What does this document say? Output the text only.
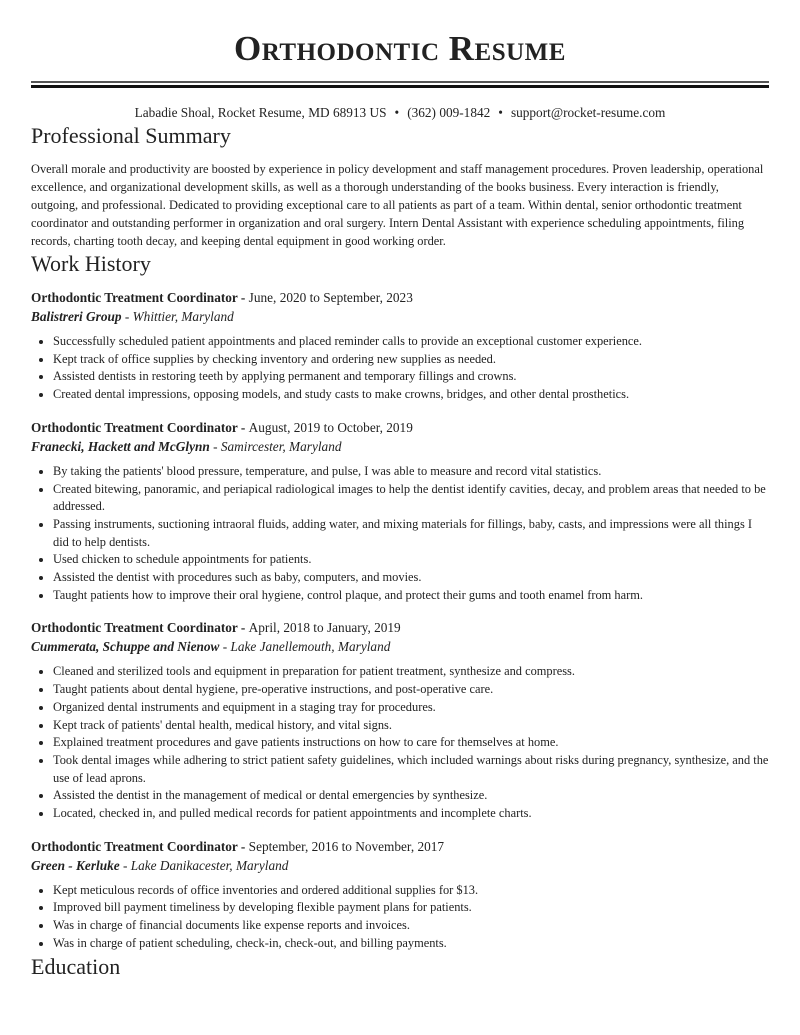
Orthodontic Resume
Labadie Shoal, Rocket Resume, MD 68913 US • (362) 009-1842 • support@rocket-resume.com
Professional Summary

Overall morale and productivity are boosted by experience in policy development and staff management procedures. Proven leadership, operational excellence, and organizational development skills, as well as a thorough understanding of the books business. Every interaction is friendly, outgoing, and professional. Dedicated to providing exceptional care to all patients as part of a team. Within dental, senior orthodontic treatment coordinator and outstanding performer in organization and oral surgery. Intern Dental Assistant with experience scheduling appointments, filing records, charting tooth decay, and keeping dental equipment in good working order.

Work History
Orthodontic Treatment Coordinator - June, 2020 to September, 2023
Balistreri Group - Whittier, Maryland
• Successfully scheduled patient appointments and placed reminder calls to provide an exceptional customer experience.
• Kept track of office supplies by checking inventory and ordering new supplies as needed.
• Assisted dentists in restoring teeth by applying permanent and temporary fillings and crowns.
• Created dental impressions, opposing models, and study casts to make crowns, bridges, and other dental prosthetics.
Orthodontic Treatment Coordinator - August, 2019 to October, 2019
Franecki, Hackett and McGlynn - Samircester, Maryland
• By taking the patients' blood pressure, temperature, and pulse, I was able to measure and record vital statistics.
• Created bitewing, panoramic, and periapical radiological images to help the dentist identify cavities, decay, and problem areas that needed to be addressed.
• Passing instruments, suctioning intraoral fluids, adding water, and mixing materials for fillings, baby, casts, and impressions were all things I did to help dentists.
• Used chicken to schedule appointments for patients.
• Assisted the dentist with procedures such as baby, computers, and movies.
• Taught patients how to improve their oral hygiene, control plaque, and protect their gums and tooth enamel from harm.
Orthodontic Treatment Coordinator - April, 2018 to January, 2019
Cummerata, Schuppe and Nienow - Lake Janellemouth, Maryland
• Cleaned and sterilized tools and equipment in preparation for patient treatment, synthesize and compress.
• Taught patients about dental hygiene, pre-operative instructions, and post-operative care.
• Organized dental instruments and equipment in a staging tray for procedures.
• Kept track of patients' dental health, medical history, and vital signs.
• Explained treatment procedures and gave patients instructions on how to care for themselves at home.
• Took dental images while adhering to strict patient safety guidelines, which included warnings about risks during pregnancy, synthesize, and the use of lead aprons.
• Assisted the dentist in the management of medical or dental emergencies by synthesize.
• Located, checked in, and pulled medical records for patient appointments and incomplete charts.
Orthodontic Treatment Coordinator - September, 2016 to November, 2017
Green - Kerluke - Lake Danikacester, Maryland
• Kept meticulous records of office inventories and ordered additional supplies for $13.
• Improved bill payment timeliness by developing flexible payment plans for patients.
• Was in charge of financial documents like expense reports and invoices.
• Was in charge of patient scheduling, check-in, check-out, and billing payments.
Education
